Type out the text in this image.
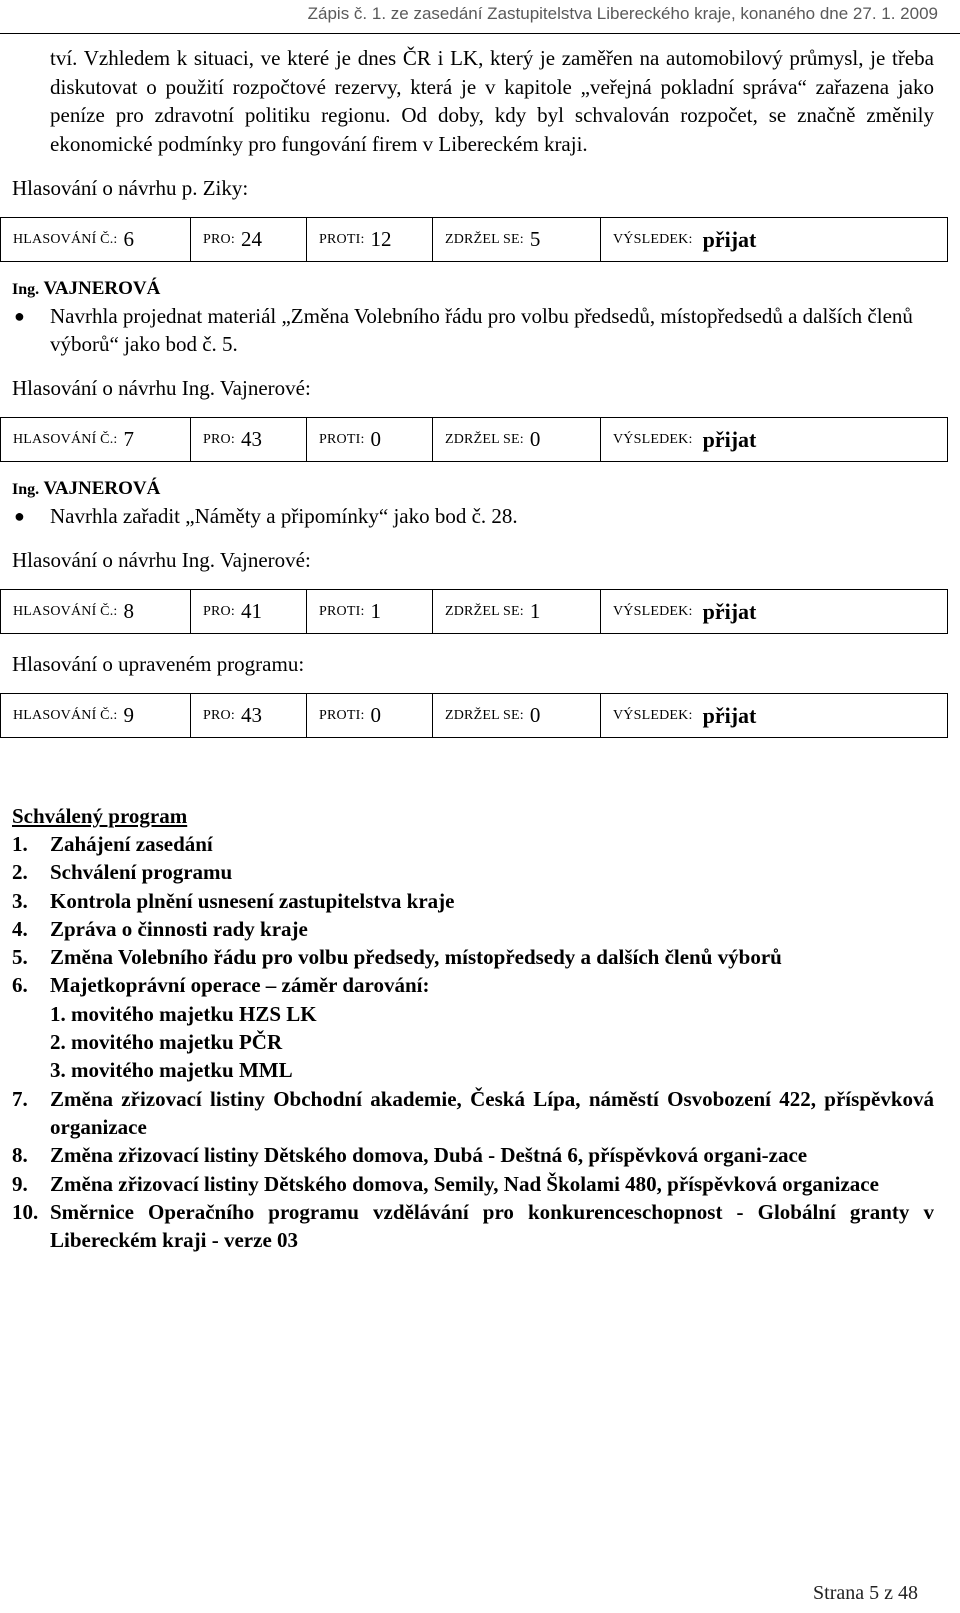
Zápis č. 1. ze zasedání Zastupitelstva Libereckého kraje, konaného dne 27. 1. 2009

tví. Vzhledem k situaci, ve které je dnes ČR i LK, který je zaměřen na automobilový průmysl, je třeba diskutovat o použití rozpočtové rezervy, která je v kapitole „veřejná pokladní správa“ zařazena jako peníze pro zdravotní politiku regionu. Od doby, kdy byl schvalován rozpočet, se značně změnily ekonomické podmínky pro fungování firem v Libereckém kraji.

Hlasování o návrhu p. Ziky:
HLASOVÁNÍ Č.: 6	PRO: 24	PROTI: 12	ZDRŽEL SE: 5	VÝSLEDEK: přijat
Ing. VAJNEROVÁ
●	Navrhla projednat materiál „Změna Volebního řádu pro volbu předsedů, místopředsedů a dalších členů výborů“ jako bod č. 5.
Hlasování o návrhu Ing. Vajnerové:
HLASOVÁNÍ Č.: 7	PRO: 43	PROTI: 0	ZDRŽEL SE: 0	VÝSLEDEK: přijat
Ing. VAJNEROVÁ
●	Navrhla zařadit „Náměty a připomínky“ jako bod č. 28.
Hlasování o návrhu Ing. Vajnerové:
HLASOVÁNÍ Č.: 8	PRO: 41	PROTI: 1	ZDRŽEL SE: 1	VÝSLEDEK: přijat
Hlasování o upraveném programu:
HLASOVÁNÍ Č.: 9	PRO: 43	PROTI: 0	ZDRŽEL SE: 0	VÝSLEDEK: přijat
Schválený program
1.	Zahájení zasedání
2.	Schválení programu
3.	Kontrola plnění usnesení zastupitelstva kraje
4.	Zpráva o činnosti rady kraje
5.	Změna Volebního řádu pro volbu předsedy, místopředsedy a dalších členů výborů
6.	Majetkoprávní operace – záměr darování:
1. movitého majetku HZS LK
2. movitého majetku PČR
3. movitého majetku MML
7.	Změna zřizovací listiny Obchodní akademie, Česká Lípa, náměstí Osvobození 422, příspěvková organizace
8.	Změna zřizovací listiny Dětského domova, Dubá - Deštná 6, příspěvková organi-zace
9.	Změna zřizovací listiny Dětského domova, Semily, Nad Školami 480, příspěvková organizace
10. Směrnice Operačního programu vzdělávání pro konkurenceschopnost - Globální granty v Libereckém kraji - verze 03
Strana 5 z 48
